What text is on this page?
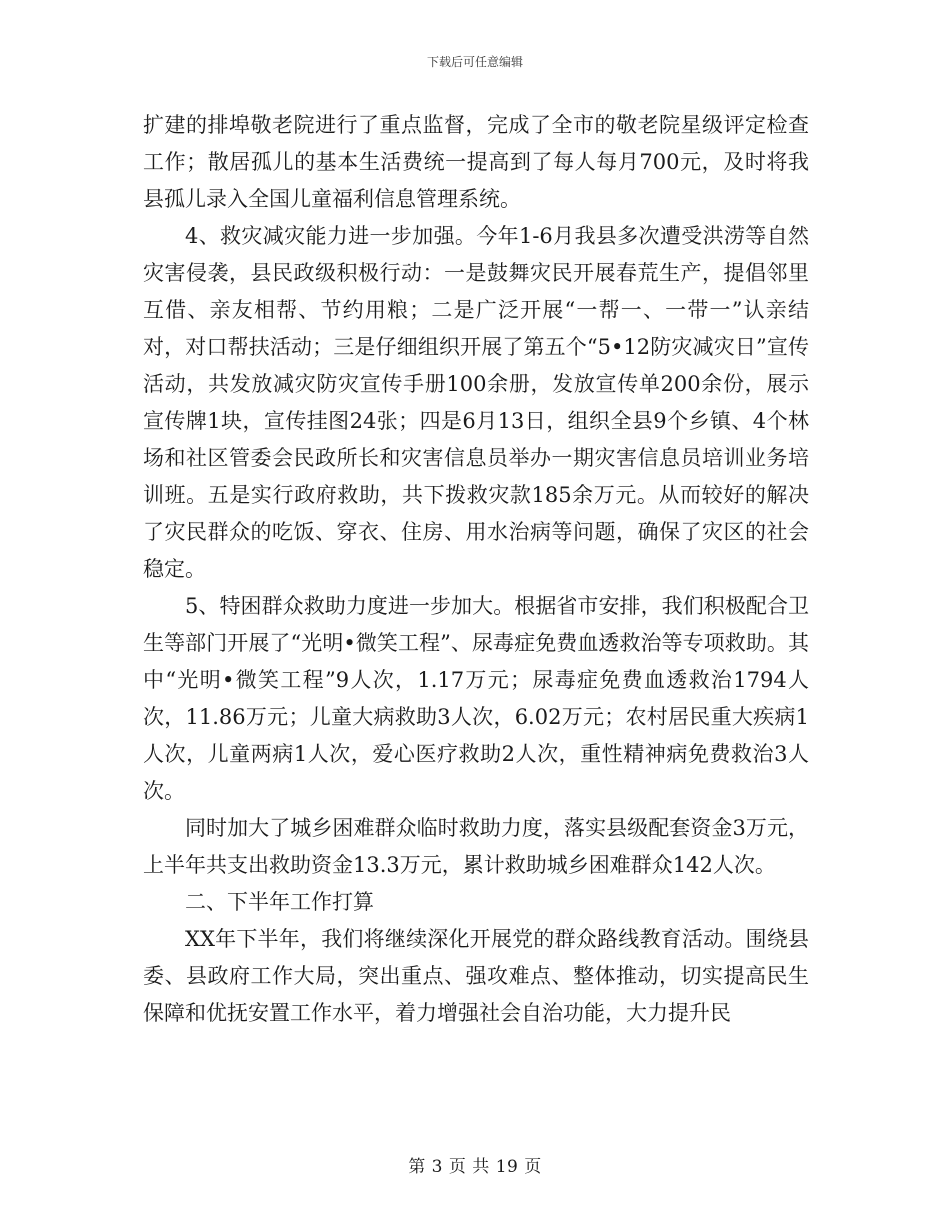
下载后可任意编辑

扩建的排埠敬老院进行了重点监督，完成了全市的敬老院星级评定检查工作；散居孤儿的基本生活费统一提高到了每人每月700元，及时将我县孤儿录入全国儿童福利信息管理系统。

4、救灾减灾能力进一步加强。今年1-6月我县多次遭受洪涝等自然灾害侵袭，县民政级积极行动：一是鼓舞灾民开展春荒生产，提倡邻里互借、亲友相帮、节约用粮；二是广泛开展“一帮一、一带一”认亲结对，对口帮扶活动；三是仔细组织开展了第五个“5•12防灾减灾日”宣传活动，共发放减灾防灾宣传手册100余册，发放宣传单200余份，展示宣传牌1块，宣传挂图24张；四是6月13日，组织全县9个乡镇、4个林场和社区管委会民政所长和灾害信息员举办一期灾害信息员培训业务培训班。五是实行政府救助，共下拨救灾款185余万元。从而较好的解决了灾民群众的吃饭、穿衣、住房、用水治病等问题，确保了灾区的社会稳定。

5、特困群众救助力度进一步加大。根据省市安排，我们积极配合卫生等部门开展了“光明•微笑工程”、尿毒症免费血透救治等专项救助。其中“光明•微笑工程”9人次，1.17万元；尿毒症免费血透救治1794人次，11.86万元；儿童大病救助3人次，6.02万元；农村居民重大疾病1人次，儿童两病1人次，爱心医疗救助2人次，重性精神病免费救治3人次。

同时加大了城乡困难群众临时救助力度，落实县级配套资金3万元，上半年共支出救助资金13.3万元，累计救助城乡困难群众142人次。

二、下半年工作打算

XX年下半年，我们将继续深化开展党的群众路线教育活动。围绕县委、县政府工作大局，突出重点、强攻难点、整体推动，切实提高民生保障和优抚安置工作水平，着力增强社会自治功能，大力提升民

第 3 页 共 19 页
